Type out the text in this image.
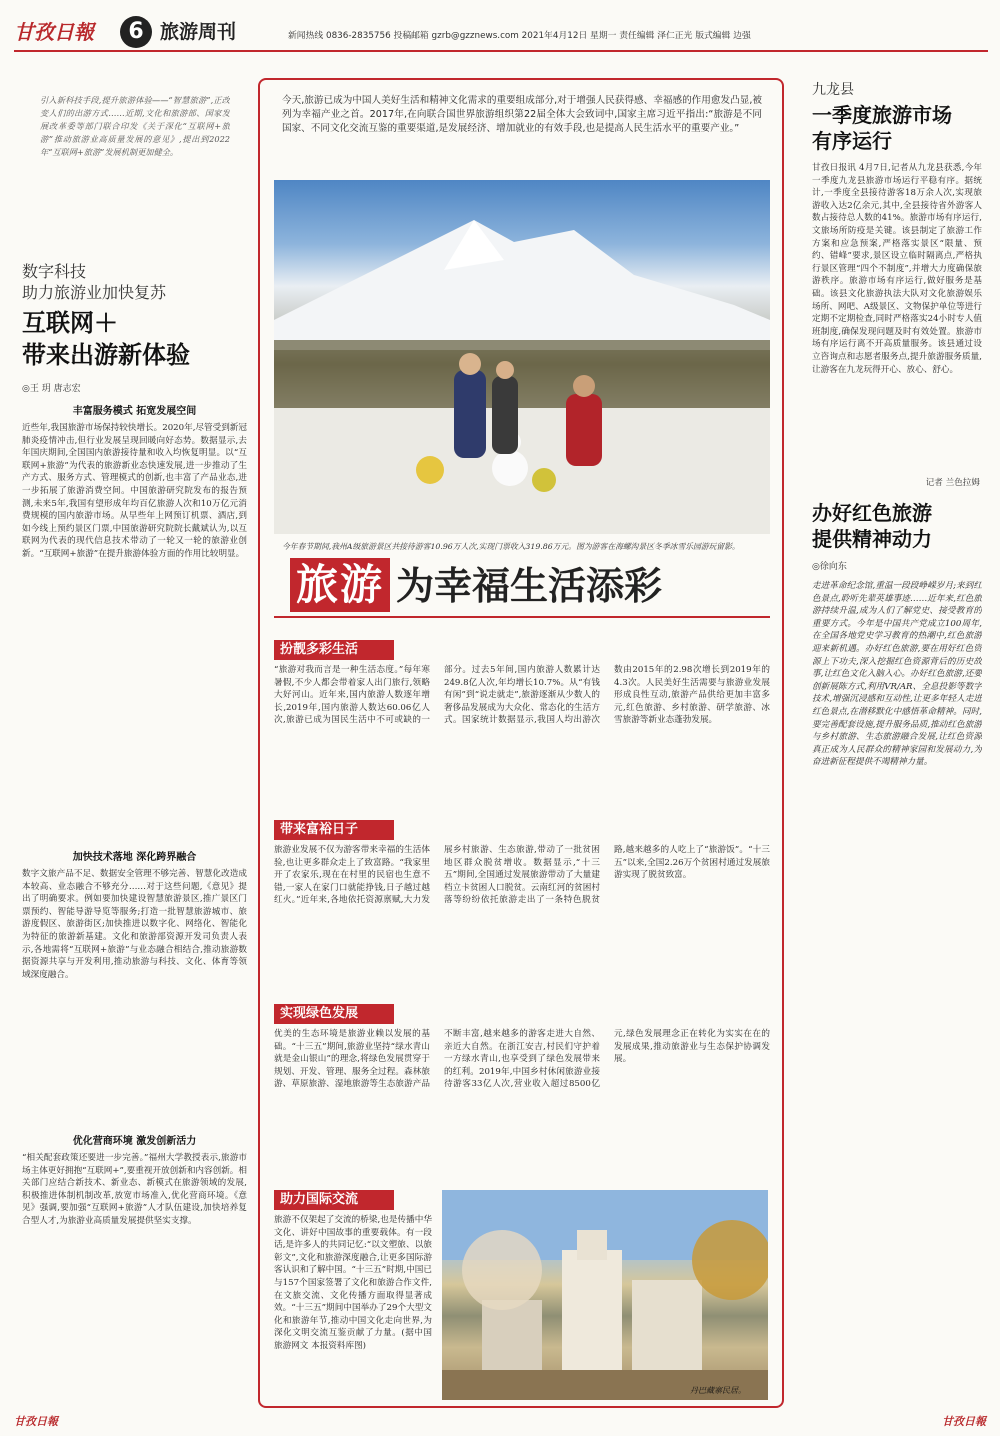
甘孜日報	6 旅游周刊	新闻热线 0836-2835756 投稿邮箱 gzrb@gzznews.com 2021年4月12日 星期一 责任编辑 泽仁正光 版式编辑 边强
引入新科技手段,提升旅游体验——“智慧旅游”,正改变人们的出游方式……近期,文化和旅游部、国家发展改革委等部门联合印发《关于深化“互联网+旅游”推动旅游业高质量发展的意见》,提出到2022年“互联网+旅游”发展机制更加健全。
数字科技
助力旅游业加快复苏
互联网＋
带来出游新体验
◎王 玥 唐志宏
丰富服务模式 拓宽发展空间
近些年,我国旅游市场保持较快增长。2020年,尽管受到新冠肺炎疫情冲击,但行业发展呈现回暖向好态势。数据显示,去年国庆期间,全国国内旅游接待量和收入均恢复明显。以“互联网+旅游”为代表的旅游新业态快速发展,进一步推动了生产方式、服务方式、管理模式的创新,也丰富了产品业态,进一步拓展了旅游消费空间。中国旅游研究院发布的报告预测,未来5年,我国有望形成年均百亿旅游人次和10万亿元消费规模的国内旅游市场。从早些年上网预订机票、酒店,到如今线上预约景区门票,中国旅游研究院院长戴斌认为,以互联网为代表的现代信息技术带动了一轮又一轮的旅游业创新。“互联网+旅游”在提升旅游体验方面的作用比较明显。
加快技术落地 深化跨界融合
数字文旅产品不足、数据安全管理不够完善、智慧化改造成本较高、业态融合不够充分……对于这些问题,《意见》提出了明确要求。例如要加快建设智慧旅游景区,推广景区门票预约、智能导游导览等服务;打造一批智慧旅游城市、旅游度假区、旅游街区;加快推进以数字化、网络化、智能化为特征的旅游新基建。文化和旅游部资源开发司负责人表示,各地需将“互联网+旅游”与业态融合相结合,推动旅游数据资源共享与开发利用,推动旅游与科技、文化、体育等领域深度融合。
优化营商环境 激发创新活力
“相关配套政策还要进一步完善。”福州大学教授表示,旅游市场主体更好拥抱“互联网+”,要重视开放创新和内容创新。相关部门应结合新技术、新业态、新模式在旅游领域的发展,积极推进体制机制改革,放宽市场准入,优化营商环境。《意见》强调,要加强“互联网+旅游”人才队伍建设,加快培养复合型人才,为旅游业高质量发展提供坚实支撑。
今天,旅游已成为中国人美好生活和精神文化需求的重要组成部分,对于增强人民获得感、幸福感的作用愈发凸显,被列为幸福产业之首。2017年,在向联合国世界旅游组织第22届全体大会致词中,国家主席习近平指出:“旅游是不同国家、不同文化交流互鉴的重要渠道,是发展经济、增加就业的有效手段,也是提高人民生活水平的重要产业。”
今年春节期间,我州A级旅游景区共接待游客10.96万人次,实现门票收入319.86万元。图为游客在海螺沟景区冬季冰雪乐园游玩留影。
旅游 为幸福生活添彩
扮靓多彩生活
“旅游对我而言是一种生活态度。”每年寒暑假,不少人都会带着家人出门旅行,领略大好河山。近年来,国内旅游人数逐年增长,2019年,国内旅游人数达60.06亿人次,旅游已成为国民生活中不可或缺的一部分。过去5年间,国内旅游人数累计达249.8亿人次,年均增长10.7%。从“有钱有闲”到“说走就走”,旅游逐渐从少数人的奢侈品发展成为大众化、常态化的生活方式。国家统计数据显示,我国人均出游次数由2015年的2.98次增长到2019年的4.3次。人民美好生活需要与旅游业发展形成良性互动,旅游产品供给更加丰富多元,红色旅游、乡村旅游、研学旅游、冰雪旅游等新业态蓬勃发展。
带来富裕日子
旅游业发展不仅为游客带来幸福的生活体验,也让更多群众走上了致富路。“我家里开了农家乐,现在在村里的民宿也生意不错,一家人在家门口就能挣钱,日子越过越红火。”近年来,各地依托资源禀赋,大力发展乡村旅游、生态旅游,带动了一批贫困地区群众脱贫增收。数据显示,“十三五”期间,全国通过发展旅游带动了大量建档立卡贫困人口脱贫。云南红河的贫困村落等纷纷依托旅游走出了一条特色脱贫路,越来越多的人吃上了“旅游饭”。“十三五”以来,全国2.26万个贫困村通过发展旅游实现了脱贫致富。
实现绿色发展
优美的生态环境是旅游业赖以发展的基础。“十三五”期间,旅游业坚持“绿水青山就是金山银山”的理念,将绿色发展贯穿于规划、开发、管理、服务全过程。森林旅游、草原旅游、湿地旅游等生态旅游产品不断丰富,越来越多的游客走进大自然、亲近大自然。在浙江安吉,村民们守护着一方绿水青山,也享受到了绿色发展带来的红利。2019年,中国乡村休闲旅游业接待游客33亿人次,营业收入超过8500亿元,绿色发展理念正在转化为实实在在的发展成果,推动旅游业与生态保护协调发展。
助力国际交流
旅游不仅架起了交流的桥梁,也是传播中华文化、讲好中国故事的重要载体。有一段话,是许多人的共同记忆:“以文塑旅、以旅彰文”,文化和旅游深度融合,让更多国际游客认识和了解中国。“十三五”时期,中国已与157个国家签署了文化和旅游合作文件,在文旅交流、文化传播方面取得显著成效。“十三五”期间中国举办了29个大型文化和旅游年节,推动中国文化走向世界,为深化文明交流互鉴贡献了力量。(据中国旅游网文 本报资料库图)
丹巴藏寨民居。
九龙县
一季度旅游市场
有序运行
甘孜日报讯 4月7日,记者从九龙县获悉,今年一季度九龙县旅游市场运行平稳有序。据统计,一季度全县接待游客18万余人次,实现旅游收入达2亿余元,其中,全县接待省外游客人数占接待总人数的41%。旅游市场有序运行,文旅场所防疫是关键。该县制定了旅游工作方案和应急预案,严格落实景区“限量、预约、错峰”要求,景区设立临时隔离点,严格执行景区管理“四个不制度”,并增大力度确保旅游秩序。旅游市场有序运行,做好服务是基础。该县文化旅游执法大队对文化旅游娱乐场所、网吧、A级景区、文物保护单位等进行定期不定期检查,同时严格落实24小时专人值班制度,确保发现问题及时有效处置。旅游市场有序运行离不开高质量服务。该县通过设立咨询点和志愿者服务点,提升旅游服务质量,让游客在九龙玩得开心、放心、舒心。
记者 兰色拉姆
办好红色旅游
提供精神动力
◎徐向东
走进革命纪念馆,重温一段段峥嵘岁月;来到红色景点,聆听先辈英雄事迹……近年来,红色旅游持续升温,成为人们了解党史、接受教育的重要方式。今年是中国共产党成立100周年,在全国各地党史学习教育的热潮中,红色旅游迎来新机遇。办好红色旅游,要在用好红色资源上下功夫,深入挖掘红色资源背后的历史故事,让红色文化入脑入心。办好红色旅游,还要创新展陈方式,利用VR/AR、全息投影等数字技术,增强沉浸感和互动性,让更多年轻人走进红色景点,在潜移默化中感悟革命精神。同时,要完善配套设施,提升服务品质,推动红色旅游与乡村旅游、生态旅游融合发展,让红色资源真正成为人民群众的精神家园和发展动力,为奋进新征程提供不竭精神力量。
甘孜日報	甘孜日報
